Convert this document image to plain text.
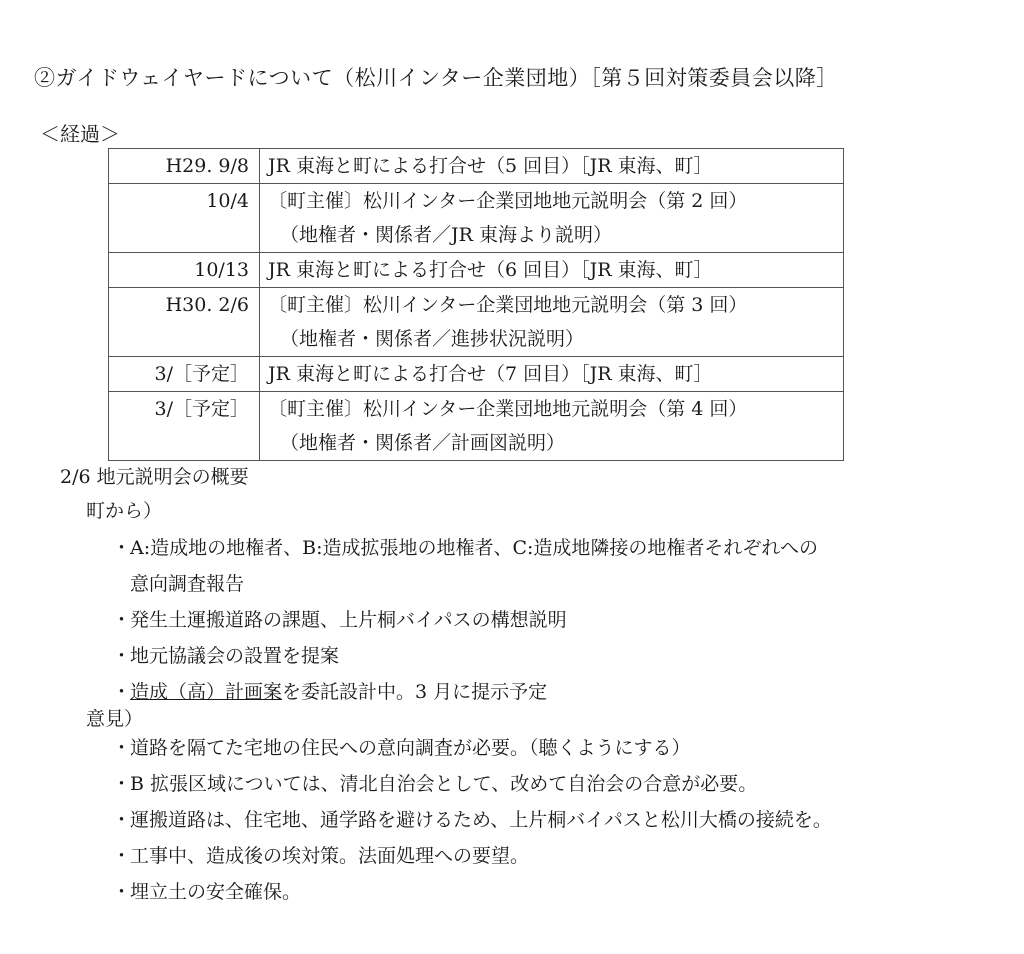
②ガイドウェイヤードについて（松川インター企業団地）［第５回対策委員会以降］
＜経過＞
H29. 9/8	JR 東海と町による打合せ（5 回目）［JR 東海、町］

10/4	〔町主催〕松川インター企業団地地元説明会（第 2 回）
（地権者・関係者／JR 東海より説明）

10/13	JR 東海と町による打合せ（6 回目）［JR 東海、町］

H30. 2/6	〔町主催〕松川インター企業団地地元説明会（第 3 回）
（地権者・関係者／進捗状況説明）

3/［予定］	JR 東海と町による打合せ（7 回目）［JR 東海、町］

3/［予定］	〔町主催〕松川インター企業団地地元説明会（第 4 回）
（地権者・関係者／計画図説明）
2/6 地元説明会の概要
町から）
・ A:造成地の地権者、B:造成拡張地の地権者、C:造成地隣接の地権者それぞれへの
意向調査報告
・ 発生土運搬道路の課題、上片桐バイパスの構想説明
・ 地元協議会の設置を提案
・ 造成（高）計画案を委託設計中。3 月に提示予定
意見）
・ 道路を隔てた宅地の住民への意向調査が必要。（聴くようにする）
・ B 拡張区域については、清北自治会として、改めて自治会の合意が必要。
・ 運搬道路は、住宅地、通学路を避けるため、上片桐バイパスと松川大橋の接続を。
・ 工事中、造成後の埃対策。法面処理への要望。
・ 埋立土の安全確保。
